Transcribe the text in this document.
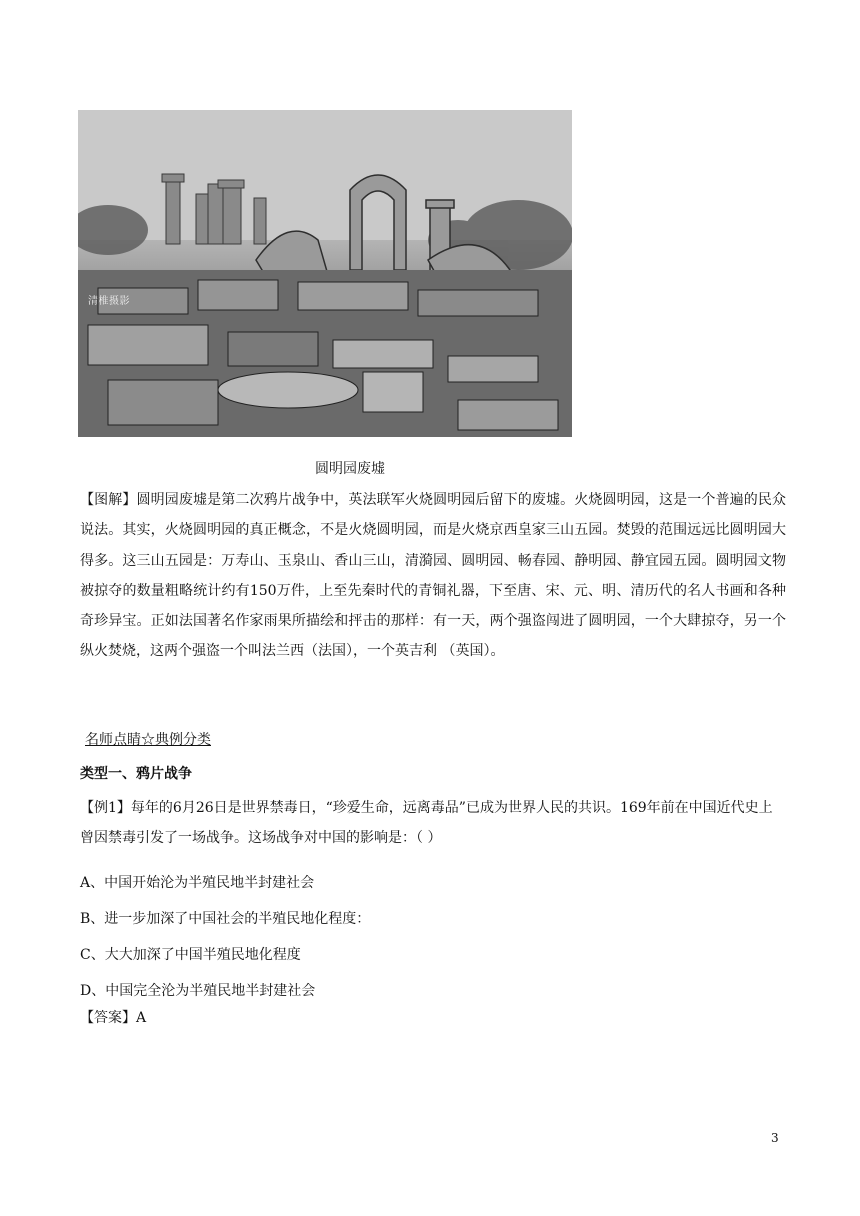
清椎摄影
圆明园废墟

【图解】圆明园废墟是第二次鸦片战争中，英法联军火烧圆明园后留下的废墟。火烧圆明园，这是一个普遍的民众说法。其实，火烧圆明园的真正概念，不是火烧圆明园，而是火烧京西皇家三山五园。焚毁的范围远远比圆明园大得多。这三山五园是：万寿山、玉泉山、香山三山，清漪园、圆明园、畅春园、静明园、静宜园五园。圆明园文物被掠夺的数量粗略统计约有150万件，上至先秦时代的青铜礼器，下至唐、宋、元、明、清历代的名人书画和各种奇珍异宝。正如法国著名作家雨果所描绘和抨击的那样：有一天，两个强盗闯进了圆明园，一个大肆掠夺，另一个纵火焚烧，这两个强盗一个叫法兰西（法国），一个英吉利 （英国）。

名师点睛☆典例分类

类型一、鸦片战争

【例1】每年的6月26日是世界禁毒日，“珍爱生命，远离毒品”已成为世界人民的共识。169年前在中国近代史上曾因禁毒引发了一场战争。这场战争对中国的影响是：（ ）

A、中国开始沦为半殖民地半封建社会
B、进一步加深了中国社会的半殖民地化程度：
C、大大加深了中国半殖民地化程度
D、中国完全沦为半殖民地半封建社会

【答案】A

3
